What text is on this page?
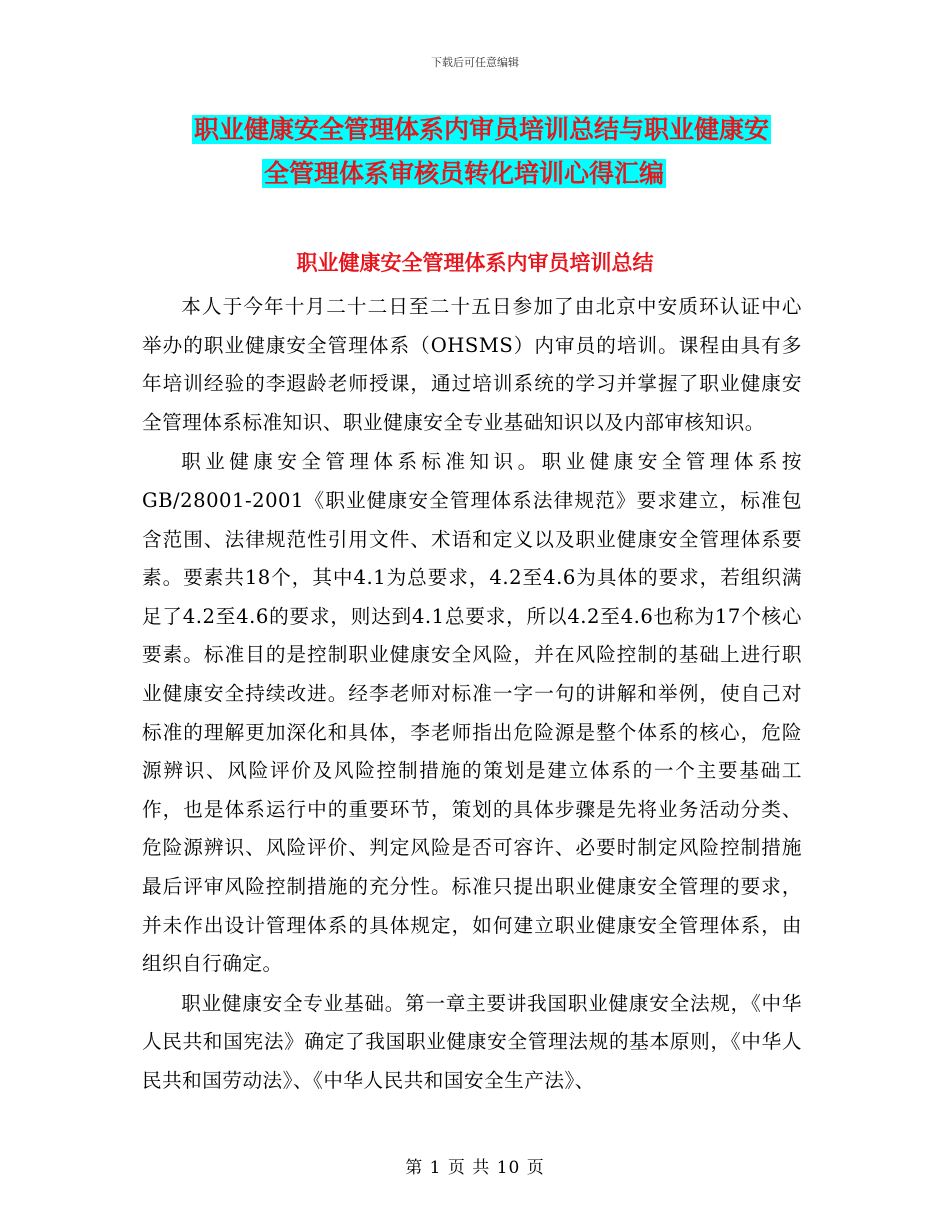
下载后可任意编辑
职业健康安全管理体系内审员培训总结与职业健康安
全管理体系审核员转化培训心得汇编
职业健康安全管理体系内审员培训总结

本人于今年十月二十二日至二十五日参加了由北京中安质环认证中心举办的职业健康安全管理体系（OHSMS）内审员的培训。课程由具有多年培训经验的李遐龄老师授课，通过培训系统的学习并掌握了职业健康安全管理体系标准知识、职业健康安全专业基础知识以及内部审核知识。

职业健康安全管理体系标准知识。职业健康安全管理体系按GB/28001-2001《职业健康安全管理体系法律规范》要求建立，标准包含范围、法律规范性引用文件、术语和定义以及职业健康安全管理体系要素。要素共18个，其中4.1为总要求，4.2至4.6为具体的要求，若组织满足了4.2至4.6的要求，则达到4.1总要求，所以4.2至4.6也称为17个核心要素。标准目的是控制职业健康安全风险，并在风险控制的基础上进行职业健康安全持续改进。经李老师对标准一字一句的讲解和举例，使自己对标准的理解更加深化和具体，李老师指出危险源是整个体系的核心，危险源辨识、风险评价及风险控制措施的策划是建立体系的一个主要基础工作，也是体系运行中的重要环节，策划的具体步骤是先将业务活动分类、危险源辨识、风险评价、判定风险是否可容许、必要时制定风险控制措施最后评审风险控制措施的充分性。标准只提出职业健康安全管理的要求，并未作出设计管理体系的具体规定，如何建立职业健康安全管理体系，由组织自行确定。

职业健康安全专业基础。第一章主要讲我国职业健康安全法规，《中华人民共和国宪法》确定了我国职业健康安全管理法规的基本原则，《中华人民共和国劳动法》、《中华人民共和国安全生产法》、

第 1 页 共 10 页
